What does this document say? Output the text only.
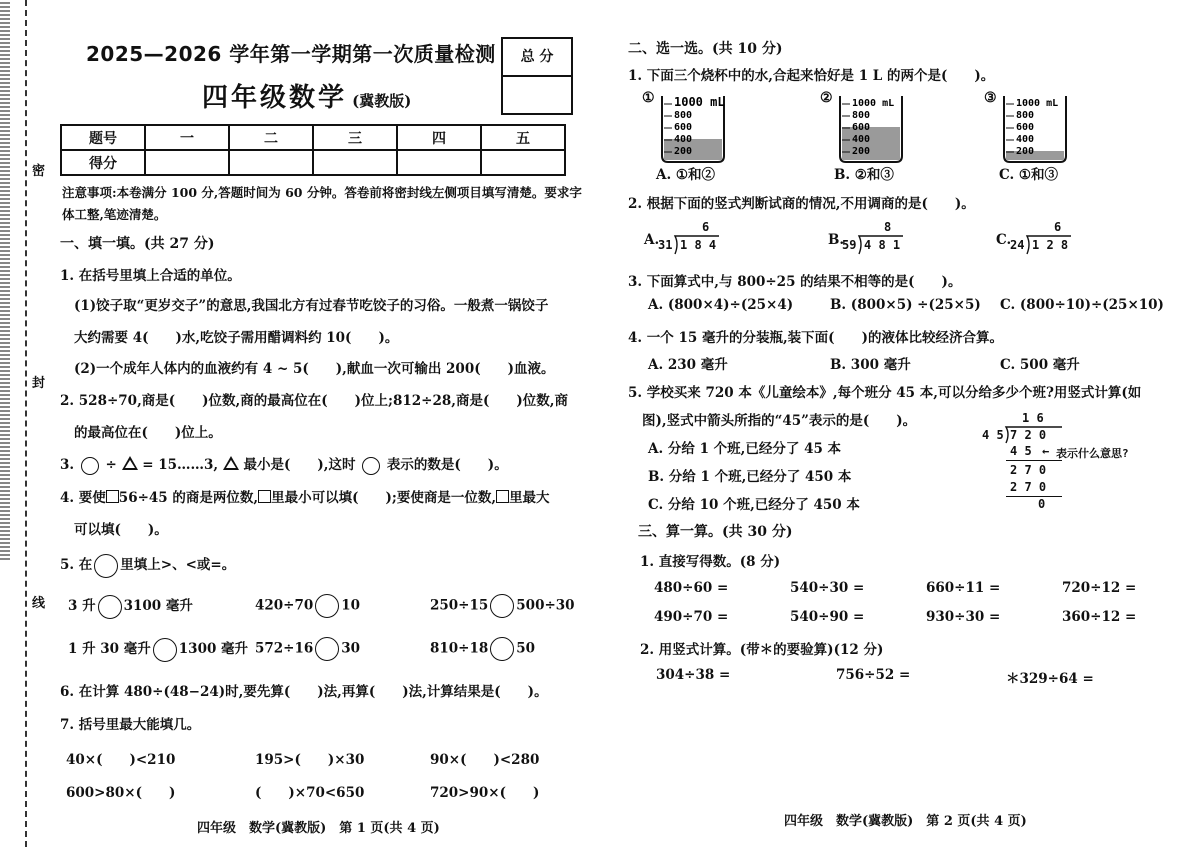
密
封
线
2025—2026 学年第一学期第一次质量检测
四年级数学 (冀教版)
总 分
题号	一	二	三	四	五
得分					
注意事项:本卷满分 100 分,答题时间为 60 分钟。答卷前将密封线左侧项目填写清楚。要求字体工整,笔迹清楚。
一、填一填。(共 27 分)
1. 在括号里填上合适的单位。
(1)饺子取“更岁交子”的意思,我国北方有过春节吃饺子的习俗。一般煮一锅饺子
大约需要 4(　　)水,吃饺子需用醋调料约 10(　　)。
(2)一个成年人体内的血液约有 4 ~ 5(　　),献血一次可输出 200(　　)血液。
2. 528÷70,商是(　　)位数,商的最高位在(　　)位上;812÷28,商是(　　)位数,商
的最高位在(　　)位上。
3. ÷ = 15……3, 最小是(　　),这时 表示的数是(　　)。
4. 要使 56÷45 的商是两位数, 里最小可以填(　　);要使商是一位数, 里最大
可以填(　　)。
5. 在 里填上>、<或=。
3 升 3100 毫升	420÷70 10	250÷15 500÷30
1 升 30 毫升 1300 毫升 572÷16 30	810÷18 50
6. 在计算 480÷(48−24)时,要先算(　　)法,再算(　　)法,计算结果是(　　)。
7. 括号里最大能填几。
40×(　　)<210	195>(　　)×30	90×(　　)<280
600>80×(　　)	(　　)×70<650	720>90×(　　)
四年级　数学(冀教版)　第 1 页(共 4 页)
二、选一选。(共 10 分)
1. 下面三个烧杯中的水,合起来恰好是 1 L 的两个是(　　)。
① 1000 mL
800
600
400
200
② 1000 mL
800
600
400
200
③ 1000 mL
800
600
400
200
A. ①和②	B. ②和③	C. ①和③
2. 根据下面的竖式判断试商的情况,不用调商的是(　　)。
A.
6
31 1 8 4	B.
8
59 4 8 1	C.
6
24 1 2 8
3. 下面算式中,与 800÷25 的结果不相等的是(　　)。
A. (800×4)÷(25×4)	B. (800×5) ÷(25×5) C. (800÷10)÷(25×10)
4. 一个 15 毫升的分装瓶,装下面(　　)的液体比较经济合算。
A. 230 毫升	B. 300 毫升	C. 500 毫升
5. 学校买来 720 本《儿童绘本》,每个班分 45 本,可以分给多少个班?用竖式计算(如
图),竖式中箭头所指的“45”表示的是(　　)。
A. 分给 1 个班,已经分了 45 本
B. 分给 1 个班,已经分了 450 本
C. 分给 10 个班,已经分了 450 本
1 6
4 5 7 2 0
4 5 ← 表示什么意思?
2 7 0
2 7 0
0
三、算一算。(共 30 分)
1. 直接写得数。(8 分)
480÷60 =	540÷30 =	660÷11 =	720÷12 =
490÷70 =	540÷90 =	930÷30 =	360÷12 =
2. 用竖式计算。(带＊的要验算)(12 分)
304÷38 =	756÷52 =	＊329÷64 =
四年级　数学(冀教版)　第 2 页(共 4 页)
